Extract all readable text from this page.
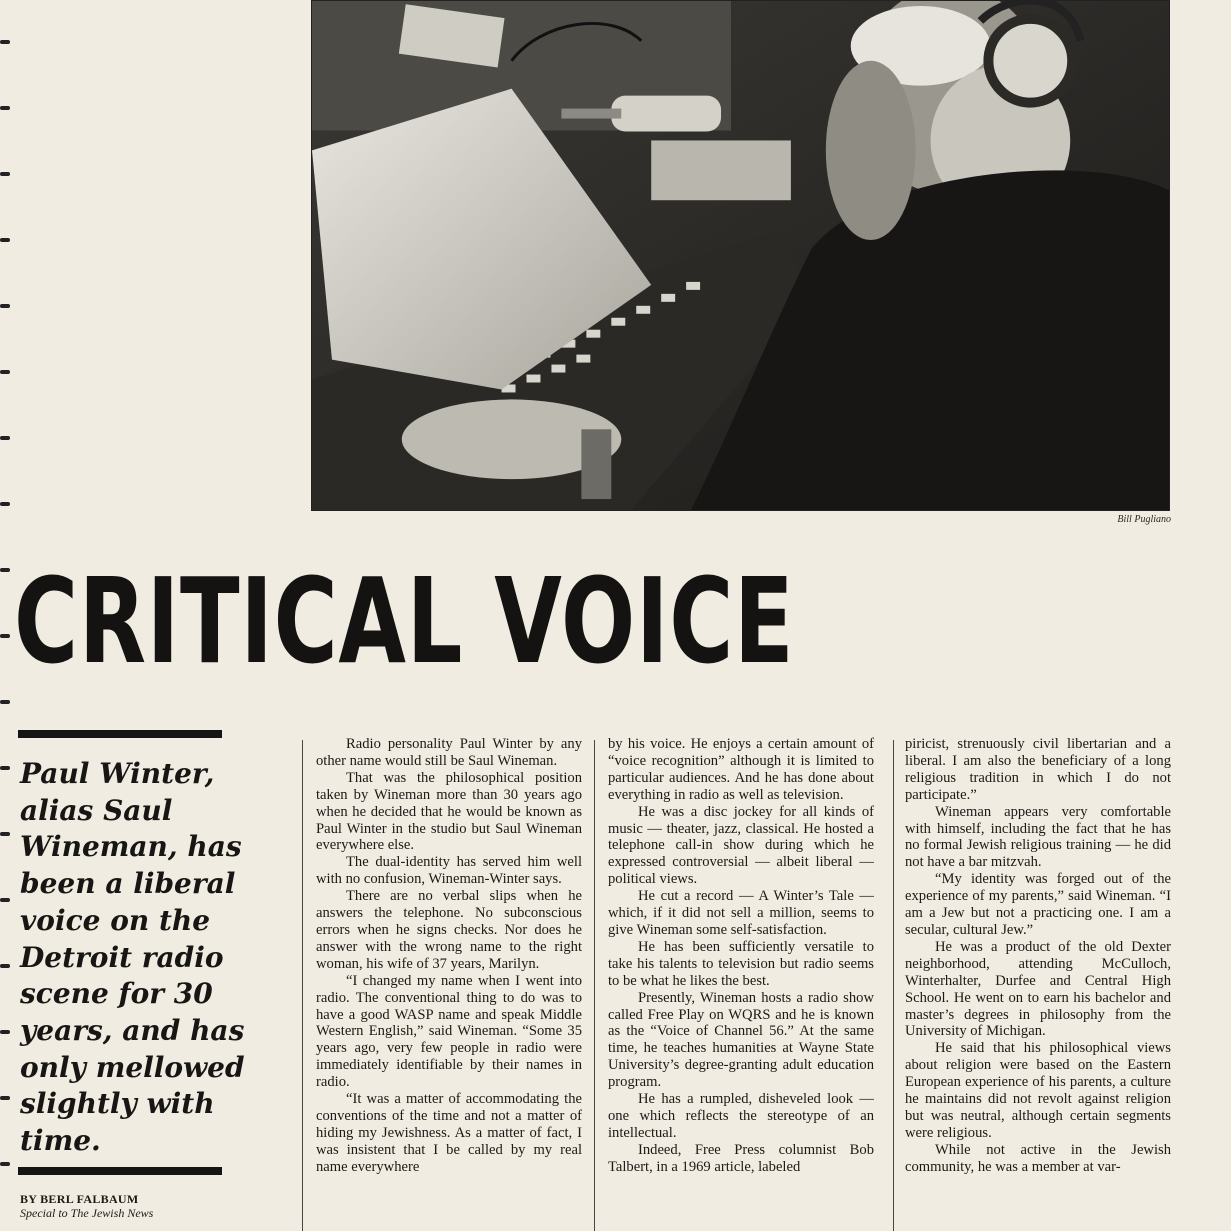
Bill Pugliano
CRITICAL VOICE
Paul Winter, alias Saul Wineman, has been a liberal voice on the Detroit radio scene for 30 years, and has only mellowed slightly with time.
BY BERL FALBAUM
Special to The Jewish News

Radio personality Paul Winter by any other name would still be Saul Wineman.

That was the philosophical position taken by Wineman more than 30 years ago when he decided that he would be known as Paul Winter in the studio but Saul Wineman everywhere else.

The dual-identity has served him well with no confusion, Wineman-Winter says.

There are no verbal slips when he answers the telephone. No subconscious errors when he signs checks. Nor does he answer with the wrong name to the right woman, his wife of 37 years, Marilyn.

“I changed my name when I went into radio. The conventional thing to do was to have a good WASP name and speak Middle Western English,” said Wineman. “Some 35 years ago, very few people in radio were immediately identifiable by their names in radio.

“It was a matter of accommodating the conventions of the time and not a matter of hiding my Jewishness. As a matter of fact, I was insistent that I be called by my real name everywhere

by his voice. He enjoys a certain amount of “voice recognition” although it is limited to particular audiences. And he has done about everything in radio as well as television.

He was a disc jockey for all kinds of music — theater, jazz, classical. He hosted a telephone call-in show during which he expressed controversial — albeit liberal — political views.

He cut a record — A Winter’s Tale — which, if it did not sell a million, seems to give Wineman some self-satisfaction.

He has been sufficiently versatile to take his talents to television but radio seems to be what he likes the best.

Presently, Wineman hosts a radio show called Free Play on WQRS and he is known as the “Voice of Channel 56.” At the same time, he teaches humanities at Wayne State University’s degree-granting adult education program.

He has a rumpled, disheveled look — one which reflects the stereotype of an intellectual.

Indeed, Free Press columnist Bob Talbert, in a 1969 article, labeled

piricist, strenuously civil libertarian and a liberal. I am also the beneficiary of a long religious tradition in which I do not participate.”

Wineman appears very comfortable with himself, including the fact that he has no formal Jewish religious training — he did not have a bar mitzvah.

“My identity was forged out of the experience of my parents,” said Wineman. “I am a Jew but not a practicing one. I am a secular, cultural Jew.”

He was a product of the old Dexter neighborhood, attending McCulloch, Winterhalter, Durfee and Central High School. He went on to earn his bachelor and master’s degrees in philosophy from the University of Michigan.

He said that his philosophical views about religion were based on the Eastern European experience of his parents, a culture he maintains did not revolt against religion but was neutral, although certain segments were religious.

While not active in the Jewish community, he was a member at var-
